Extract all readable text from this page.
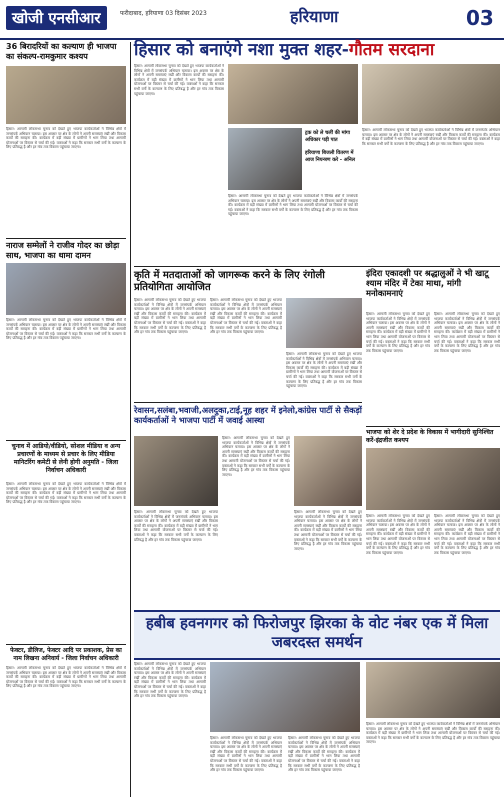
खोजी एनसीआर	फरीदाबाद, हरियाणा 03 दिसंबर 2023	हरियाणा	03
36 बिरादरियों का कल्याण ही भाजपा का संकल्प-रामकुमार कश्यप
हिसार: आगामी लोकसभा चुनाव को देखते हुए भाजपा कार्यकर्ताओं ने विभिन्न क्षेत्रों में जनसंपर्क अभियान चलाया। इस अवसर पर क्षेत्र के लोगों ने अपनी समस्याएं रखीं और विकास कार्यों की सराहना की। कार्यक्रम में बड़ी संख्या में ग्रामीणों ने भाग लिया तथा आगामी योजनाओं पर विस्तार से चर्चा की गई। वक्ताओं ने कहा कि सरकार सभी वर्गों के कल्याण के लिए प्रतिबद्ध है और हर गांव तक विकास पहुंचाया जाएगा।
नाराज सम्मेलों ने राजीव गोदर का छोड़ा साथ, भाजपा का थामा दामन
हिसार: आगामी लोकसभा चुनाव को देखते हुए भाजपा कार्यकर्ताओं ने विभिन्न क्षेत्रों में जनसंपर्क अभियान चलाया। इस अवसर पर क्षेत्र के लोगों ने अपनी समस्याएं रखीं और विकास कार्यों की सराहना की। कार्यक्रम में बड़ी संख्या में ग्रामीणों ने भाग लिया तथा आगामी योजनाओं पर विस्तार से चर्चा की गई। वक्ताओं ने कहा कि सरकार सभी वर्गों के कल्याण के लिए प्रतिबद्ध है और हर गांव तक विकास पहुंचाया जाएगा।
चुनाव में आडियो/वीडियो, सोशल मीडिया व अन्य प्रचारणों के माध्यम से प्रचार के लिए मीडिया मानिटरिंग कमेटी से लेनी होगी अनुमति - जिला निर्वाचन अधिकारी
हिसार: आगामी लोकसभा चुनाव को देखते हुए भाजपा कार्यकर्ताओं ने विभिन्न क्षेत्रों में जनसंपर्क अभियान चलाया। इस अवसर पर क्षेत्र के लोगों ने अपनी समस्याएं रखीं और विकास कार्यों की सराहना की। कार्यक्रम में बड़ी संख्या में ग्रामीणों ने भाग लिया तथा आगामी योजनाओं पर विस्तार से चर्चा की गई। वक्ताओं ने कहा कि सरकार सभी वर्गों के कल्याण के लिए प्रतिबद्ध है और हर गांव तक विकास पहुंचाया जाएगा।
फेक्टर, डीलिज, फेक्टर आदि पर प्रकाशक, प्रेस का नाम लिखना अनिवार्य - जिला निर्वाचन अधिकारी
हिसार: आगामी लोकसभा चुनाव को देखते हुए भाजपा कार्यकर्ताओं ने विभिन्न क्षेत्रों में जनसंपर्क अभियान चलाया। इस अवसर पर क्षेत्र के लोगों ने अपनी समस्याएं रखीं और विकास कार्यों की सराहना की। कार्यक्रम में बड़ी संख्या में ग्रामीणों ने भाग लिया तथा आगामी योजनाओं पर विस्तार से चर्चा की गई। वक्ताओं ने कहा कि सरकार सभी वर्गों के कल्याण के लिए प्रतिबद्ध है और हर गांव तक विकास पहुंचाया जाएगा।
हिसार को बनाएंगे नशा मुक्त शहर-गौतम सरदाना
हिसार: आगामी लोकसभा चुनाव को देखते हुए भाजपा कार्यकर्ताओं ने विभिन्न क्षेत्रों में जनसंपर्क अभियान चलाया। इस अवसर पर क्षेत्र के लोगों ने अपनी समस्याएं रखीं और विकास कार्यों की सराहना की। कार्यक्रम में बड़ी संख्या में ग्रामीणों ने भाग लिया तथा आगामी योजनाओं पर विस्तार से चर्चा की गई। वक्ताओं ने कहा कि सरकार सभी वर्गों के कल्याण के लिए प्रतिबद्ध है और हर गांव तक विकास पहुंचाया जाएगा।
ट्रक को ले चलीं की मांगा अधिकार पड़ी पात
हरियाणा बिजली वितरण में आज नियन्त्रण करे - अनिल
हिसार: आगामी लोकसभा चुनाव को देखते हुए भाजपा कार्यकर्ताओं ने विभिन्न क्षेत्रों में जनसंपर्क अभियान चलाया। इस अवसर पर क्षेत्र के लोगों ने अपनी समस्याएं रखीं और विकास कार्यों की सराहना की। कार्यक्रम में बड़ी संख्या में ग्रामीणों ने भाग लिया तथा आगामी योजनाओं पर विस्तार से चर्चा की गई। वक्ताओं ने कहा कि सरकार सभी वर्गों के कल्याण के लिए प्रतिबद्ध है और हर गांव तक विकास पहुंचाया जाएगा।
हिसार: आगामी लोकसभा चुनाव को देखते हुए भाजपा कार्यकर्ताओं ने विभिन्न क्षेत्रों में जनसंपर्क अभियान चलाया। इस अवसर पर क्षेत्र के लोगों ने अपनी समस्याएं रखीं और विकास कार्यों की सराहना की। कार्यक्रम में बड़ी संख्या में ग्रामीणों ने भाग लिया तथा आगामी योजनाओं पर विस्तार से चर्चा की गई। वक्ताओं ने कहा कि सरकार सभी वर्गों के कल्याण के लिए प्रतिबद्ध है और हर गांव तक विकास पहुंचाया जाएगा।
कृति में मतदाताओं को जागरूक करने के लिए रंगोली प्रतियोगिता आयोजित
हिसार: आगामी लोकसभा चुनाव को देखते हुए भाजपा कार्यकर्ताओं ने विभिन्न क्षेत्रों में जनसंपर्क अभियान चलाया। इस अवसर पर क्षेत्र के लोगों ने अपनी समस्याएं रखीं और विकास कार्यों की सराहना की। कार्यक्रम में बड़ी संख्या में ग्रामीणों ने भाग लिया तथा आगामी योजनाओं पर विस्तार से चर्चा की गई। वक्ताओं ने कहा कि सरकार सभी वर्गों के कल्याण के लिए प्रतिबद्ध है और हर गांव तक विकास पहुंचाया जाएगा।
हिसार: आगामी लोकसभा चुनाव को देखते हुए भाजपा कार्यकर्ताओं ने विभिन्न क्षेत्रों में जनसंपर्क अभियान चलाया। इस अवसर पर क्षेत्र के लोगों ने अपनी समस्याएं रखीं और विकास कार्यों की सराहना की। कार्यक्रम में बड़ी संख्या में ग्रामीणों ने भाग लिया तथा आगामी योजनाओं पर विस्तार से चर्चा की गई। वक्ताओं ने कहा कि सरकार सभी वर्गों के कल्याण के लिए प्रतिबद्ध है और हर गांव तक विकास पहुंचाया जाएगा।
हिसार: आगामी लोकसभा चुनाव को देखते हुए भाजपा कार्यकर्ताओं ने विभिन्न क्षेत्रों में जनसंपर्क अभियान चलाया। इस अवसर पर क्षेत्र के लोगों ने अपनी समस्याएं रखीं और विकास कार्यों की सराहना की। कार्यक्रम में बड़ी संख्या में ग्रामीणों ने भाग लिया तथा आगामी योजनाओं पर विस्तार से चर्चा की गई। वक्ताओं ने कहा कि सरकार सभी वर्गों के कल्याण के लिए प्रतिबद्ध है और हर गांव तक विकास पहुंचाया जाएगा।
इंदिरा एकादशी पर श्रद्धालुओं ने भी खाटू श्याम मंदिर में टेका माथा, मांगी मनोकामनाएं
हिसार: आगामी लोकसभा चुनाव को देखते हुए भाजपा कार्यकर्ताओं ने विभिन्न क्षेत्रों में जनसंपर्क अभियान चलाया। इस अवसर पर क्षेत्र के लोगों ने अपनी समस्याएं रखीं और विकास कार्यों की सराहना की। कार्यक्रम में बड़ी संख्या में ग्रामीणों ने भाग लिया तथा आगामी योजनाओं पर विस्तार से चर्चा की गई। वक्ताओं ने कहा कि सरकार सभी वर्गों के कल्याण के लिए प्रतिबद्ध है और हर गांव तक विकास पहुंचाया जाएगा।
हिसार: आगामी लोकसभा चुनाव को देखते हुए भाजपा कार्यकर्ताओं ने विभिन्न क्षेत्रों में जनसंपर्क अभियान चलाया। इस अवसर पर क्षेत्र के लोगों ने अपनी समस्याएं रखीं और विकास कार्यों की सराहना की। कार्यक्रम में बड़ी संख्या में ग्रामीणों ने भाग लिया तथा आगामी योजनाओं पर विस्तार से चर्चा की गई। वक्ताओं ने कहा कि सरकार सभी वर्गों के कल्याण के लिए प्रतिबद्ध है और हर गांव तक विकास पहुंचाया जाएगा।
रेवासन,सलंबा,भवाजी,अलदुका,टाई,नूह शहर में इनेलो,कांग्रेस पार्टी से सैकड़ों कार्यकर्ताओं ने भाजपा पार्टी में जवाई आस्था
हिसार: आगामी लोकसभा चुनाव को देखते हुए भाजपा कार्यकर्ताओं ने विभिन्न क्षेत्रों में जनसंपर्क अभियान चलाया। इस अवसर पर क्षेत्र के लोगों ने अपनी समस्याएं रखीं और विकास कार्यों की सराहना की। कार्यक्रम में बड़ी संख्या में ग्रामीणों ने भाग लिया तथा आगामी योजनाओं पर विस्तार से चर्चा की गई। वक्ताओं ने कहा कि सरकार सभी वर्गों के कल्याण के लिए प्रतिबद्ध है और हर गांव तक विकास पहुंचाया जाएगा।
हिसार: आगामी लोकसभा चुनाव को देखते हुए भाजपा कार्यकर्ताओं ने विभिन्न क्षेत्रों में जनसंपर्क अभियान चलाया। इस अवसर पर क्षेत्र के लोगों ने अपनी समस्याएं रखीं और विकास कार्यों की सराहना की। कार्यक्रम में बड़ी संख्या में ग्रामीणों ने भाग लिया तथा आगामी योजनाओं पर विस्तार से चर्चा की गई। वक्ताओं ने कहा कि सरकार सभी वर्गों के कल्याण के लिए प्रतिबद्ध है और हर गांव तक विकास पहुंचाया जाएगा।
हिसार: आगामी लोकसभा चुनाव को देखते हुए भाजपा कार्यकर्ताओं ने विभिन्न क्षेत्रों में जनसंपर्क अभियान चलाया। इस अवसर पर क्षेत्र के लोगों ने अपनी समस्याएं रखीं और विकास कार्यों की सराहना की। कार्यक्रम में बड़ी संख्या में ग्रामीणों ने भाग लिया तथा आगामी योजनाओं पर विस्तार से चर्चा की गई। वक्ताओं ने कहा कि सरकार सभी वर्गों के कल्याण के लिए प्रतिबद्ध है और हर गांव तक विकास पहुंचाया जाएगा।
भाजपा को शेर दे प्रदेश के विकास में भागीदारी सुनिश्चित करें-इंद्रजीत कश्यप
हिसार: आगामी लोकसभा चुनाव को देखते हुए भाजपा कार्यकर्ताओं ने विभिन्न क्षेत्रों में जनसंपर्क अभियान चलाया। इस अवसर पर क्षेत्र के लोगों ने अपनी समस्याएं रखीं और विकास कार्यों की सराहना की। कार्यक्रम में बड़ी संख्या में ग्रामीणों ने भाग लिया तथा आगामी योजनाओं पर विस्तार से चर्चा की गई। वक्ताओं ने कहा कि सरकार सभी वर्गों के कल्याण के लिए प्रतिबद्ध है और हर गांव तक विकास पहुंचाया जाएगा।
हिसार: आगामी लोकसभा चुनाव को देखते हुए भाजपा कार्यकर्ताओं ने विभिन्न क्षेत्रों में जनसंपर्क अभियान चलाया। इस अवसर पर क्षेत्र के लोगों ने अपनी समस्याएं रखीं और विकास कार्यों की सराहना की। कार्यक्रम में बड़ी संख्या में ग्रामीणों ने भाग लिया तथा आगामी योजनाओं पर विस्तार से चर्चा की गई। वक्ताओं ने कहा कि सरकार सभी वर्गों के कल्याण के लिए प्रतिबद्ध है और हर गांव तक विकास पहुंचाया जाएगा।
हबीब हवनगगर को फिरोजपुर झिरका के वोट नंबर एक में मिला जबरदस्त समर्थन
हिसार: आगामी लोकसभा चुनाव को देखते हुए भाजपा कार्यकर्ताओं ने विभिन्न क्षेत्रों में जनसंपर्क अभियान चलाया। इस अवसर पर क्षेत्र के लोगों ने अपनी समस्याएं रखीं और विकास कार्यों की सराहना की। कार्यक्रम में बड़ी संख्या में ग्रामीणों ने भाग लिया तथा आगामी योजनाओं पर विस्तार से चर्चा की गई। वक्ताओं ने कहा कि सरकार सभी वर्गों के कल्याण के लिए प्रतिबद्ध है और हर गांव तक विकास पहुंचाया जाएगा।
हिसार: आगामी लोकसभा चुनाव को देखते हुए भाजपा कार्यकर्ताओं ने विभिन्न क्षेत्रों में जनसंपर्क अभियान चलाया। इस अवसर पर क्षेत्र के लोगों ने अपनी समस्याएं रखीं और विकास कार्यों की सराहना की। कार्यक्रम में बड़ी संख्या में ग्रामीणों ने भाग लिया तथा आगामी योजनाओं पर विस्तार से चर्चा की गई। वक्ताओं ने कहा कि सरकार सभी वर्गों के कल्याण के लिए प्रतिबद्ध है और हर गांव तक विकास पहुंचाया जाएगा।
हिसार: आगामी लोकसभा चुनाव को देखते हुए भाजपा कार्यकर्ताओं ने विभिन्न क्षेत्रों में जनसंपर्क अभियान चलाया। इस अवसर पर क्षेत्र के लोगों ने अपनी समस्याएं रखीं और विकास कार्यों की सराहना की। कार्यक्रम में बड़ी संख्या में ग्रामीणों ने भाग लिया तथा आगामी योजनाओं पर विस्तार से चर्चा की गई। वक्ताओं ने कहा कि सरकार सभी वर्गों के कल्याण के लिए प्रतिबद्ध है और हर गांव तक विकास पहुंचाया जाएगा।
हिसार: आगामी लोकसभा चुनाव को देखते हुए भाजपा कार्यकर्ताओं ने विभिन्न क्षेत्रों में जनसंपर्क अभियान चलाया। इस अवसर पर क्षेत्र के लोगों ने अपनी समस्याएं रखीं और विकास कार्यों की सराहना की। कार्यक्रम में बड़ी संख्या में ग्रामीणों ने भाग लिया तथा आगामी योजनाओं पर विस्तार से चर्चा की गई। वक्ताओं ने कहा कि सरकार सभी वर्गों के कल्याण के लिए प्रतिबद्ध है और हर गांव तक विकास पहुंचाया जाएगा।
